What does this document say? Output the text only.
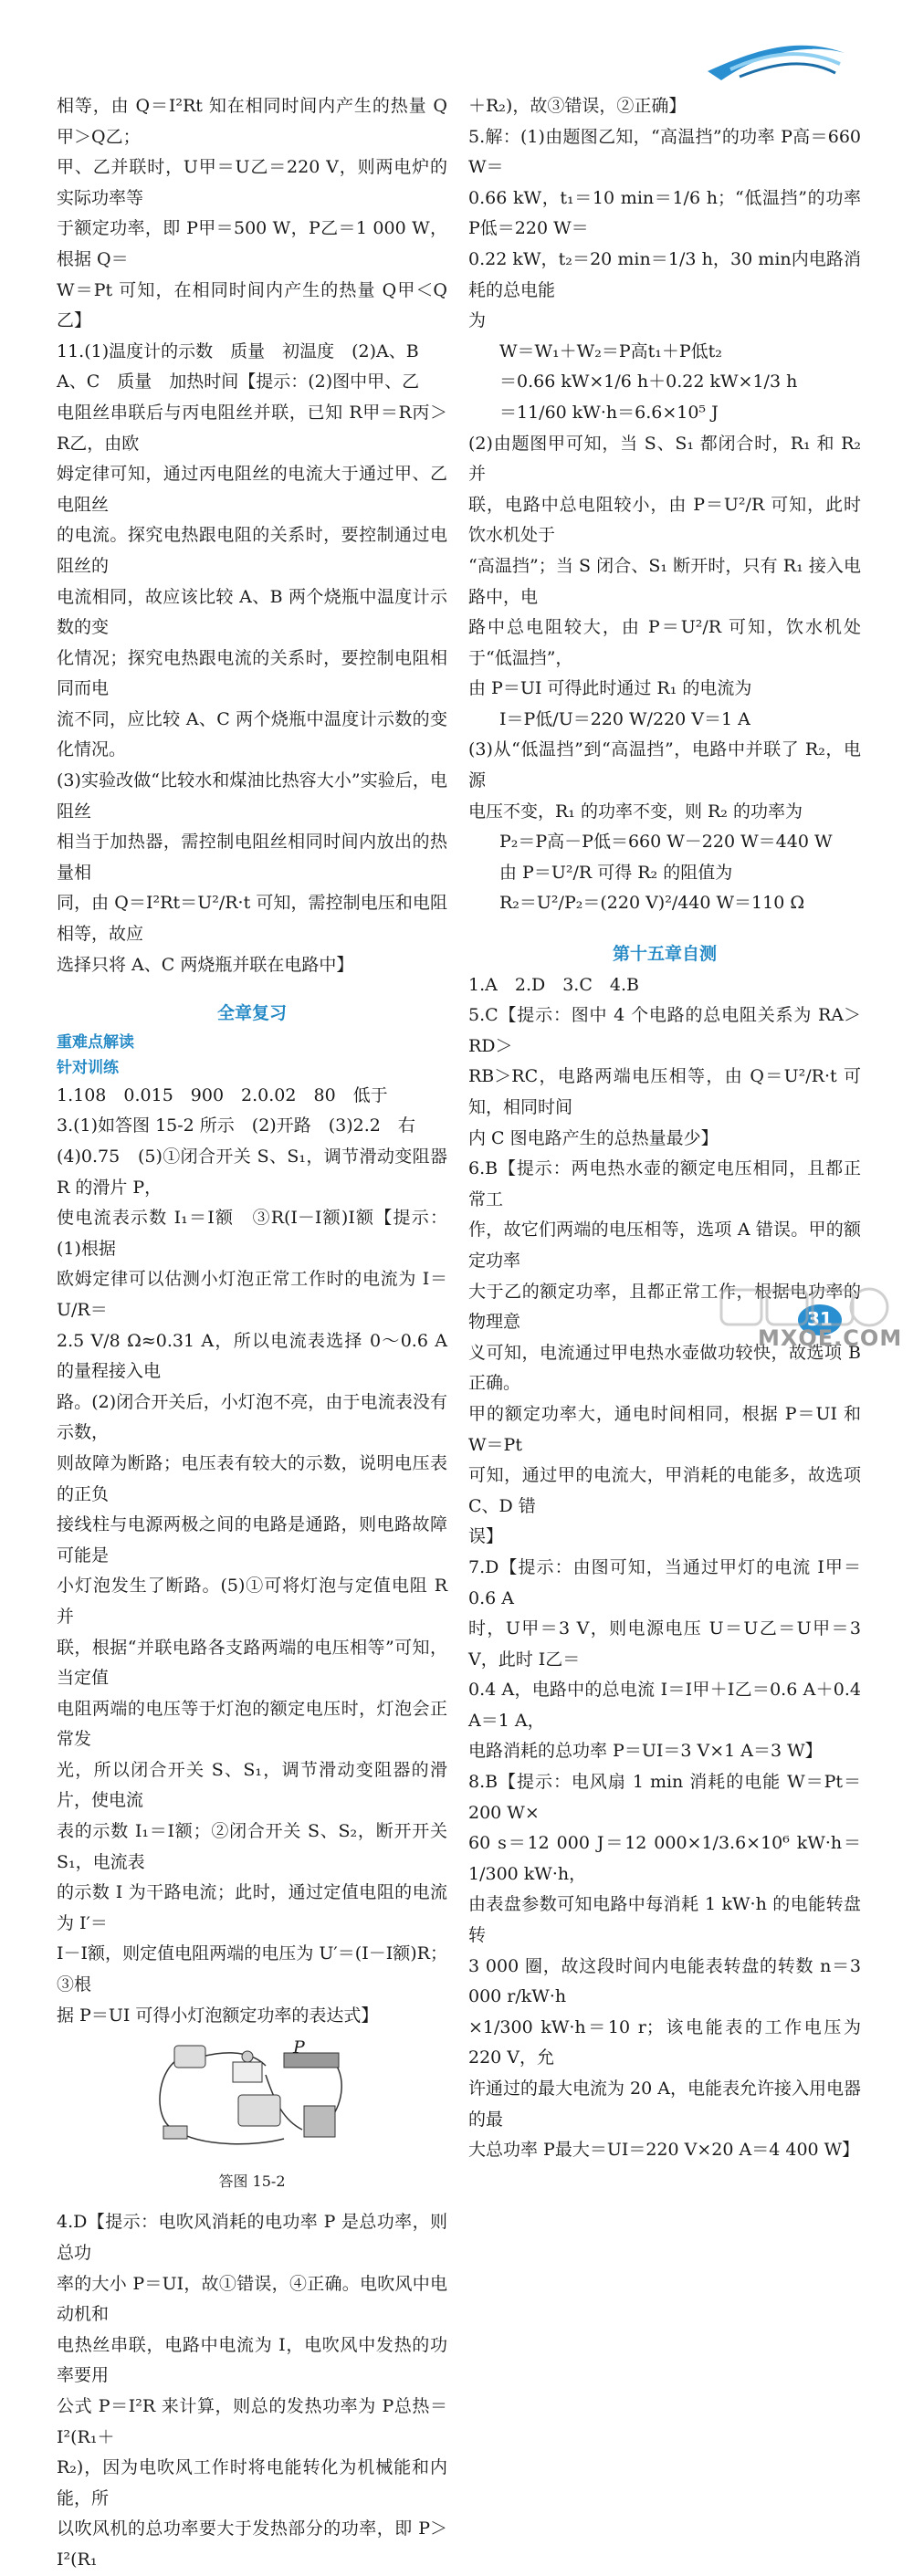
相等，由 Q＝I²Rt 知在相同时间内产生的热量 Q甲＞Q乙；

甲、乙并联时，U甲＝U乙＝220 V，则两电炉的实际功率等

于额定功率，即 P甲＝500 W，P乙＝1 000 W，根据 Q＝

W＝Pt 可知，在相同时间内产生的热量 Q甲＜Q乙】

11.(1)温度计的示数　质量　初温度　(2)A、B

A、C　质量　加热时间【提示：(2)图中甲、乙

电阻丝串联后与丙电阻丝并联，已知 R甲＝R丙＞R乙，由欧

姆定律可知，通过丙电阻丝的电流大于通过甲、乙电阻丝

的电流。探究电热跟电阻的关系时，要控制通过电阻丝的

电流相同，故应该比较 A、B 两个烧瓶中温度计示数的变

化情况；探究电热跟电流的关系时，要控制电阻相同而电

流不同，应比较 A、C 两个烧瓶中温度计示数的变化情况。

(3)实验改做“比较水和煤油比热容大小”实验后，电阻丝

相当于加热器，需控制电阻丝相同时间内放出的热量相

同，由 Q＝I²Rt＝U²/R·t 可知，需控制电压和电阻相等，故应

选择只将 A、C 两烧瓶并联在电路中】

全章复习

重难点解读

针对训练

1.108　0.015　900　2.0.02　80　低于

3.(1)如答图 15-2 所示　(2)开路　(3)2.2　右

(4)0.75　(5)①闭合开关 S、S₁，调节滑动变阻器 R 的滑片 P，

使电流表示数 I₁＝I额　③R(I－I额)I额【提示：(1)根据

欧姆定律可以估测小灯泡正常工作时的电流为 I＝U/R＝

2.5 V/8 Ω≈0.31 A，所以电流表选择 0～0.6 A 的量程接入电

路。(2)闭合开关后，小灯泡不亮，由于电流表没有示数，

则故障为断路；电压表有较大的示数，说明电压表的正负

接线柱与电源两极之间的电路是通路，则电路故障可能是

小灯泡发生了断路。(5)①可将灯泡与定值电阻 R 并

联，根据“并联电路各支路两端的电压相等”可知，当定值

电阻两端的电压等于灯泡的额定电压时，灯泡会正常发

光，所以闭合开关 S、S₁，调节滑动变阻器的滑片，使电流

表的示数 I₁＝I额；②闭合开关 S、S₂，断开开关 S₁，电流表

的示数 I 为干路电流；此时，通过定值电阻的电流为 I′＝

I－I额，则定值电阻两端的电压为 U′＝(I－I额)R；③根

据 P＝UI 可得小灯泡额定功率的表达式】

P

答图 15-2

4.D【提示：电吹风消耗的电功率 P 是总功率，则总功

率的大小 P＝UI，故①错误，④正确。电吹风中电动机和

电热丝串联，电路中电流为 I，电吹风中发热的功率要用

公式 P＝I²R 来计算，则总的发热功率为 P总热＝I²(R₁＋

R₂)，因为电吹风工作时将电能转化为机械能和内能，所

以吹风机的总功率要大于发热部分的功率，即 P＞I²(R₁

＋R₂)，故③错误，②正确】

5.解：(1)由题图乙知，“高温挡”的功率 P高＝660 W＝

0.66 kW，t₁＝10 min＝1/6 h；“低温挡”的功率 P低＝220 W＝

0.22 kW，t₂＝20 min＝1/3 h，30 min内电路消耗的总电能

为

W＝W₁＋W₂＝P高t₁＋P低t₂

＝0.66 kW×1/6 h＋0.22 kW×1/3 h

＝11/60 kW·h＝6.6×10⁵ J

(2)由题图甲可知，当 S、S₁ 都闭合时，R₁ 和 R₂ 并

联，电路中总电阻较小，由 P＝U²/R 可知，此时饮水机处于

“高温挡”；当 S 闭合、S₁ 断开时，只有 R₁ 接入电路中，电

路中总电阻较大，由 P＝U²/R 可知，饮水机处于“低温挡”，

由 P＝UI 可得此时通过 R₁ 的电流为

I＝P低/U＝220 W/220 V＝1 A

(3)从“低温挡”到“高温挡”，电路中并联了 R₂，电源

电压不变，R₁ 的功率不变，则 R₂ 的功率为

P₂＝P高－P低＝660 W－220 W＝440 W

由 P＝U²/R 可得 R₂ 的阻值为

R₂＝U²/P₂＝(220 V)²/440 W＝110 Ω

第十五章自测

1.A　2.D　3.C　4.B

5.C【提示：图中 4 个电路的总电阻关系为 RA＞RD＞

RB＞RC，电路两端电压相等，由 Q＝U²/R·t 可知，相同时间

内 C 图电路产生的总热量最少】

6.B【提示：两电热水壶的额定电压相同，且都正常工

作，故它们两端的电压相等，选项 A 错误。甲的额定功率

大于乙的额定功率，且都正常工作，根据电功率的物理意

义可知，电流通过甲电热水壶做功较快，故选项 B 正确。

甲的额定功率大，通电时间相同，根据 P＝UI 和 W＝Pt

可知，通过甲的电流大，甲消耗的电能多，故选项 C、D 错

误】

7.D【提示：由图可知，当通过甲灯的电流 I甲＝0.6 A

时，U甲＝3 V，则电源电压 U＝U乙＝U甲＝3 V，此时 I乙＝

0.4 A，电路中的总电流 I＝I甲＋I乙＝0.6 A＋0.4 A＝1 A，

电路消耗的总功率 P＝UI＝3 V×1 A＝3 W】

8.B【提示：电风扇 1 min 消耗的电能 W＝Pt＝200 W×

60 s＝12 000 J＝12 000×1/3.6×10⁶ kW·h＝1/300 kW·h，

由表盘参数可知电路中每消耗 1 kW·h 的电能转盘转

3 000 圈，故这段时间内电能表转盘的转数 n＝3 000 r/kW·h

×1/300 kW·h＝10 r；该电能表的工作电压为 220 V，允

许通过的最大电流为 20 A，电能表允许接入用电器的最

大总功率 P最大＝UI＝220 V×20 A＝4 400 W】

31
MXQE.COM
